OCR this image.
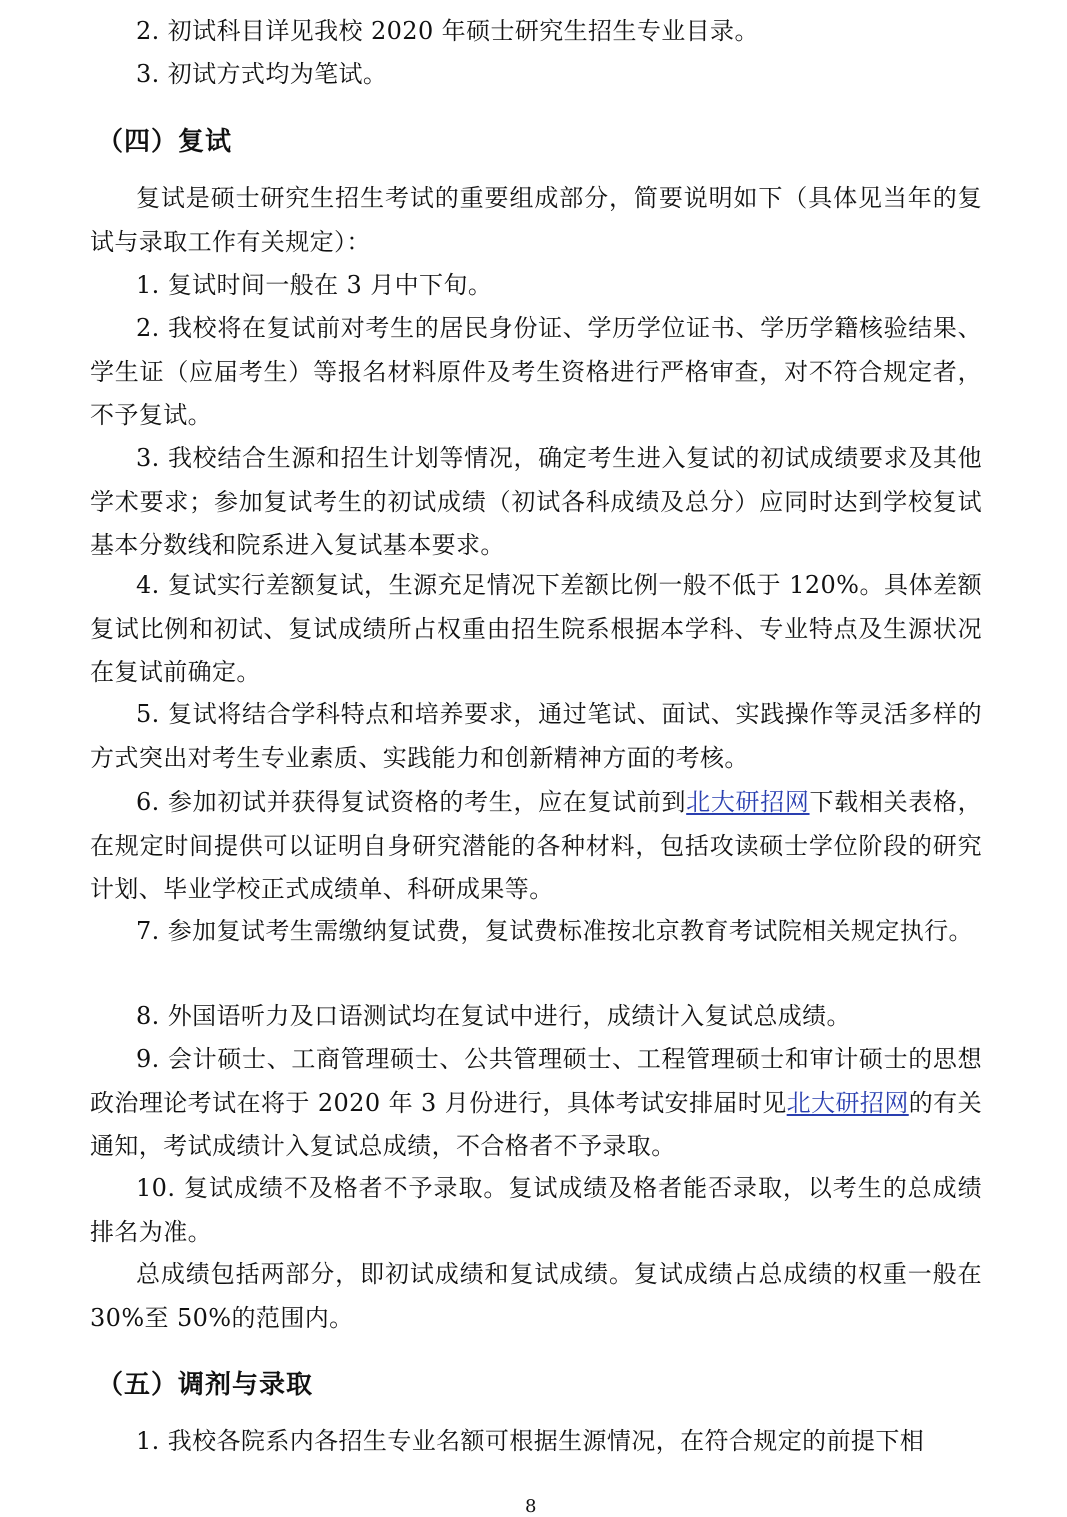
2. 初试科目详见我校 2020 年硕士研究生招生专业目录。

3. 初试方式均为笔试。

（四）复试

复试是硕士研究生招生考试的重要组成部分，简要说明如下（具体见当年的复试与录取工作有关规定）：

1. 复试时间一般在 3 月中下旬。

2. 我校将在复试前对考生的居民身份证、学历学位证书、学历学籍核验结果、学生证（应届考生）等报名材料原件及考生资格进行严格审查，对不符合规定者，不予复试。

3. 我校结合生源和招生计划等情况，确定考生进入复试的初试成绩要求及其他学术要求；参加复试考生的初试成绩（初试各科成绩及总分）应同时达到学校复试基本分数线和院系进入复试基本要求。

4. 复试实行差额复试，生源充足情况下差额比例一般不低于 120%。具体差额复试比例和初试、复试成绩所占权重由招生院系根据本学科、专业特点及生源状况在复试前确定。

5. 复试将结合学科特点和培养要求，通过笔试、面试、实践操作等灵活多样的方式突出对考生专业素质、实践能力和创新精神方面的考核。

6. 参加初试并获得复试资格的考生，应在复试前到北大研招网下载相关表格，在规定时间提供可以证明自身研究潜能的各种材料，包括攻读硕士学位阶段的研究计划、毕业学校正式成绩单、科研成果等。

7. 参加复试考生需缴纳复试费，复试费标准按北京教育考试院相关规定执行。

8. 外国语听力及口语测试均在复试中进行，成绩计入复试总成绩。

9. 会计硕士、工商管理硕士、公共管理硕士、工程管理硕士和审计硕士的思想政治理论考试在将于 2020 年 3 月份进行，具体考试安排届时见北大研招网的有关通知，考试成绩计入复试总成绩，不合格者不予录取。

10. 复试成绩不及格者不予录取。复试成绩及格者能否录取，以考生的总成绩排名为准。

总成绩包括两部分，即初试成绩和复试成绩。复试成绩占总成绩的权重一般在 30%至 50%的范围内。

（五）调剂与录取

1. 我校各院系内各招生专业名额可根据生源情况，在符合规定的前提下相

8
